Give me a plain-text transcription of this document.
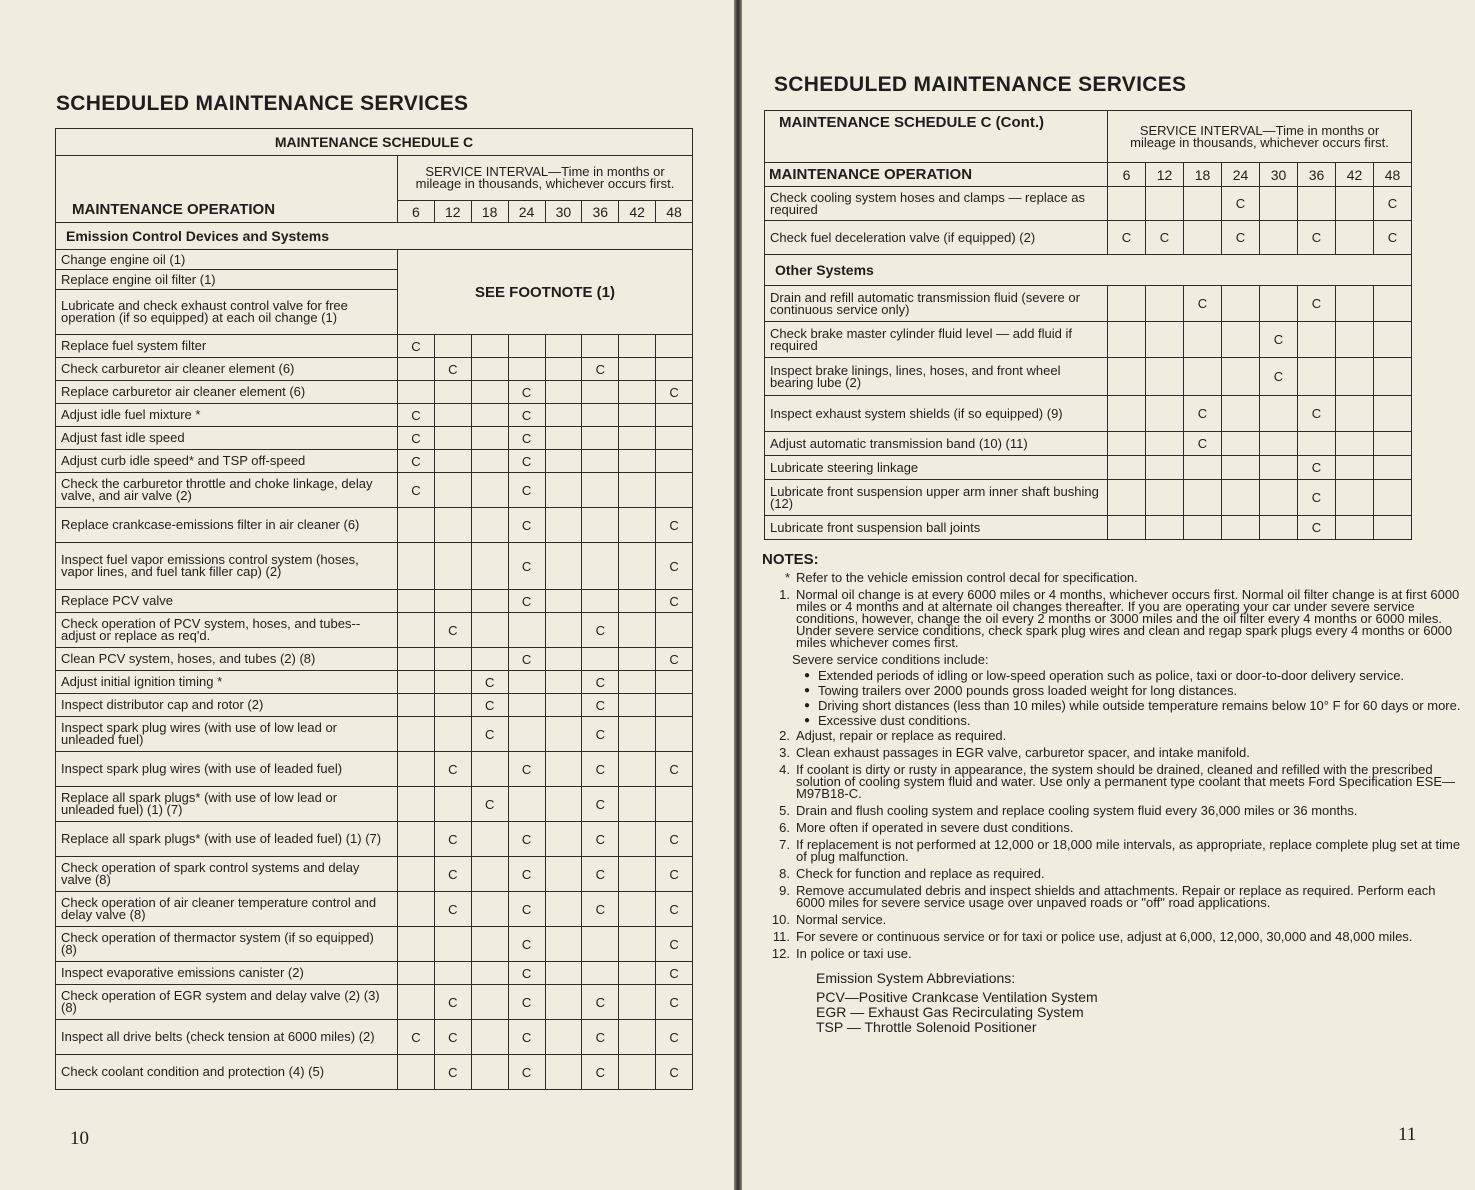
SCHEDULED MAINTENANCE SERVICES
10
SCHEDULED MAINTENANCE SERVICES
11
MAINTENANCE SCHEDULE C								
MAINTENANCE OPERATION	SERVICE INTERVAL—Time in months or mileage in thousands, whichever occurs first.							
	6	12	18	24	30	36	42	48
Emission Control Devices and Systems								
Change engine oil (1)	SEE FOOTNOTE (1)							
Replace engine oil filter (1)								
Lubricate and check exhaust control valve for free operation (if so equipped) at each oil change (1)								
Replace fuel system filter	C							
Check carburetor air cleaner element (6)		C				C		
Replace carburetor air cleaner element (6)				C				C
Adjust idle fuel mixture *	C			C				
Adjust fast idle speed	C			C				
Adjust curb idle speed* and TSP off-speed	C			C				
Check the carburetor throttle and choke linkage, delay valve, and air valve (2)	C			C				
Replace crankcase-emissions filter in air cleaner (6)				C				C
Inspect fuel vapor emissions control system (hoses, vapor lines, and fuel tank filler cap) (2)				C				C
Replace PCV valve				C				C
Check operation of PCV system, hoses, and tubes--adjust or replace as req'd.		C				C		
Clean PCV system, hoses, and tubes (2) (8)				C				C
Adjust initial ignition timing *			C			C		
Inspect distributor cap and rotor (2)			C			C		
Inspect spark plug wires (with use of low lead or unleaded fuel)			C			C		
Inspect spark plug wires (with use of leaded fuel)		C		C		C		C
Replace all spark plugs* (with use of low lead or unleaded fuel) (1) (7)			C			C		
Replace all spark plugs* (with use of leaded fuel) (1) (7)		C		C		C		C
Check operation of spark control systems and delay valve (8)		C		C		C		C
Check operation of air cleaner temperature control and delay valve (8)		C		C		C		C
Check operation of thermactor system (if so equipped) (8)				C				C
Inspect evaporative emissions canister (2)				C				C
Check operation of EGR system and delay valve (2) (3) (8)		C		C		C		C
Inspect all drive belts (check tension at 6000 miles) (2)	C	C		C		C		C
Check coolant condition and protection (4) (5)		C		C		C		C
MAINTENANCE SCHEDULE C (Cont.)	SERVICE INTERVAL—Time in months or mileage in thousands, whichever occurs first.							
MAINTENANCE OPERATION	6	12	18	24	30	36	42	48
Check cooling system hoses and clamps — replace as required				C				C
Check fuel deceleration valve (if equipped) (2)	C	C		C		C		C
Other Systems								
Drain and refill automatic transmission fluid (severe or continuous service only)			C			C		
Check brake master cylinder fluid level — add fluid if required					C			
Inspect brake linings, lines, hoses, and front wheel bearing lube (2)					C			
Inspect exhaust system shields (if so equipped) (9)			C			C		
Adjust automatic transmission band (10) (11)			C					
Lubricate steering linkage						C		
Lubricate front suspension upper arm inner shaft bushing (12)						C		
Lubricate front suspension ball joints						C		
NOTES:
* Refer to the vehicle emission control decal for specification.
1. Normal oil change is at every 6000 miles or 4 months, whichever occurs first. Normal oil filter change is at first 6000 miles or 4 months and at alternate oil changes thereafter. If you are operating your car under severe service conditions, however, change the oil every 2 months or 3000 miles and the oil filter every 4 months or 6000 miles. Under severe service conditions, check spark plug wires and clean and regap spark plugs every 4 months or 6000 miles whichever comes first.
Severe service conditions include:
● Extended periods of idling or low-speed operation such as police, taxi or door-to-door delivery service.
● Towing trailers over 2000 pounds gross loaded weight for long distances.
● Driving short distances (less than 10 miles) while outside temperature remains below 10° F for 60 days or more.
● Excessive dust conditions.
2. Adjust, repair or replace as required.
3. Clean exhaust passages in EGR valve, carburetor spacer, and intake manifold.
4. If coolant is dirty or rusty in appearance, the system should be drained, cleaned and refilled with the prescribed solution of cooling system fluid and water. Use only a permanent type coolant that meets Ford Specification ESE—M97B18-C.
5. Drain and flush cooling system and replace cooling system fluid every 36,000 miles or 36 months.
6. More often if operated in severe dust conditions.
7. If replacement is not performed at 12,000 or 18,000 mile intervals, as appropriate, replace complete plug set at time of plug malfunction.
8. Check for function and replace as required.
9. Remove accumulated debris and inspect shields and attachments. Repair or replace as required. Perform each 6000 miles for severe service usage over unpaved roads or "off" road applications.
10. Normal service.
11. For severe or continuous service or for taxi or police use, adjust at 6,000, 12,000, 30,000 and 48,000 miles.
12. In police or taxi use.
Emission System Abbreviations:
PCV—Positive Crankcase Ventilation System
EGR — Exhaust Gas Recirculating System
TSP — Throttle Solenoid Positioner
